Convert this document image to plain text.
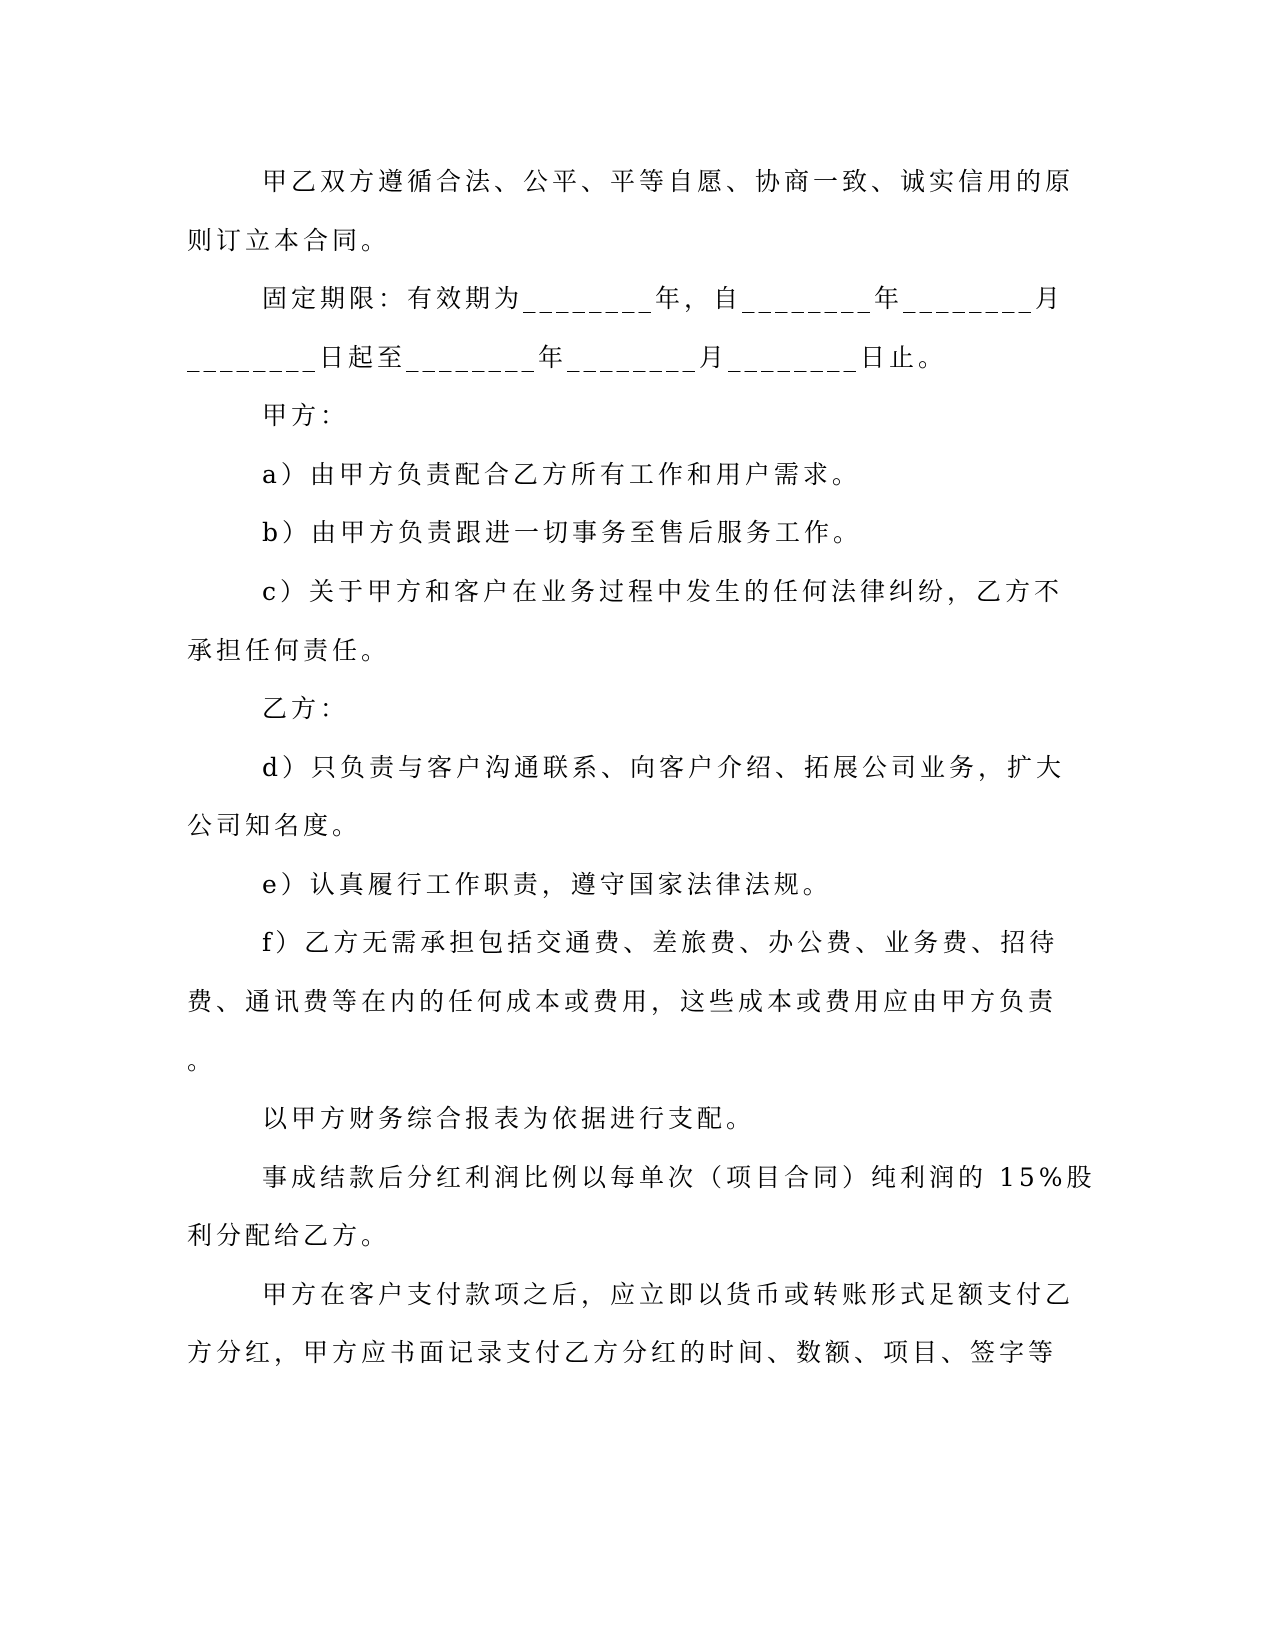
甲乙双方遵循合法、公平、平等自愿、协商一致、诚实信用的原
则订立本合同。
固定期限：有效期为________年，自________年________月
________日起至________年________月________日止。
甲方：
a）由甲方负责配合乙方所有工作和用户需求。
b）由甲方负责跟进一切事务至售后服务工作。
c）关于甲方和客户在业务过程中发生的任何法律纠纷，乙方不
承担任何责任。
乙方：
d）只负责与客户沟通联系、向客户介绍、拓展公司业务，扩大
公司知名度。
e）认真履行工作职责，遵守国家法律法规。
f）乙方无需承担包括交通费、差旅费、办公费、业务费、招待
费、通讯费等在内的任何成本或费用，这些成本或费用应由甲方负责
。
以甲方财务综合报表为依据进行支配。
事成结款后分红利润比例以每单次（项目合同）纯利润的 15%股
利分配给乙方。
甲方在客户支付款项之后，应立即以货币或转账形式足额支付乙
方分红，甲方应书面记录支付乙方分红的时间、数额、项目、签字等
